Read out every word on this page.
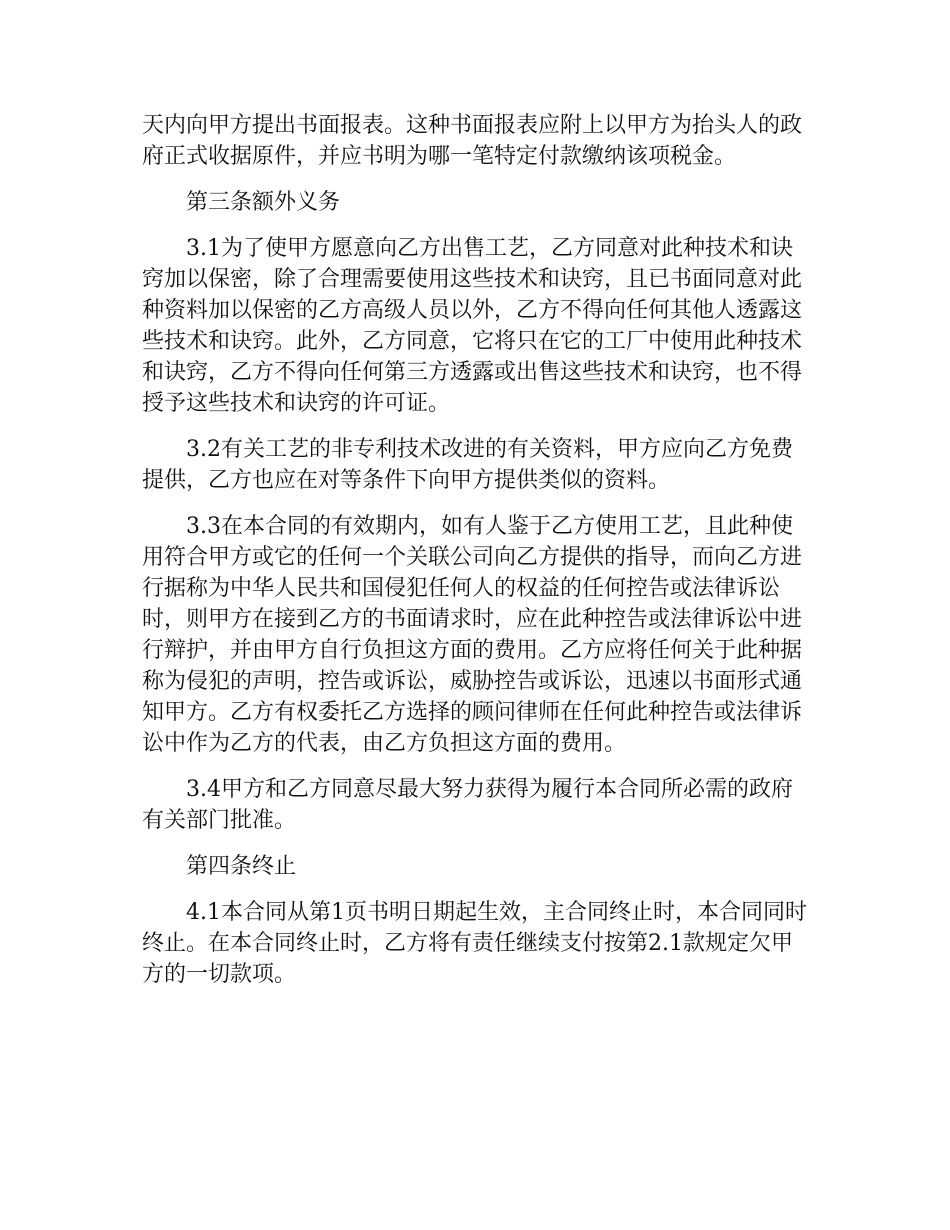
天内向甲方提出书面报表。这种书面报表应附上以甲方为抬头人的政府正式收据原件，并应书明为哪一笔特定付款缴纳该项税金。

第三条额外义务

3.1为了使甲方愿意向乙方出售工艺，乙方同意对此种技术和诀窍加以保密，除了合理需要使用这些技术和诀窍，且已书面同意对此种资料加以保密的乙方高级人员以外，乙方不得向任何其他人透露这些技术和诀窍。此外，乙方同意，它将只在它的工厂中使用此种技术和诀窍，乙方不得向任何第三方透露或出售这些技术和诀窍，也不得授予这些技术和诀窍的许可证。

3.2有关工艺的非专利技术改进的有关资料，甲方应向乙方免费提供，乙方也应在对等条件下向甲方提供类似的资料。

3.3在本合同的有效期内，如有人鉴于乙方使用工艺，且此种使用符合甲方或它的任何一个关联公司向乙方提供的指导，而向乙方进行据称为中华人民共和国侵犯任何人的权益的任何控告或法律诉讼时，则甲方在接到乙方的书面请求时，应在此种控告或法律诉讼中进行辩护，并由甲方自行负担这方面的费用。乙方应将任何关于此种据称为侵犯的声明，控告或诉讼，威胁控告或诉讼，迅速以书面形式通知甲方。乙方有权委托乙方选择的顾问律师在任何此种控告或法律诉讼中作为乙方的代表，由乙方负担这方面的费用。

3.4甲方和乙方同意尽最大努力获得为履行本合同所必需的政府有关部门批准。

第四条终止

4.1本合同从第1页书明日期起生效，主合同终止时，本合同同时终止。在本合同终止时，乙方将有责任继续支付按第2.1款规定欠甲方的一切款项。
